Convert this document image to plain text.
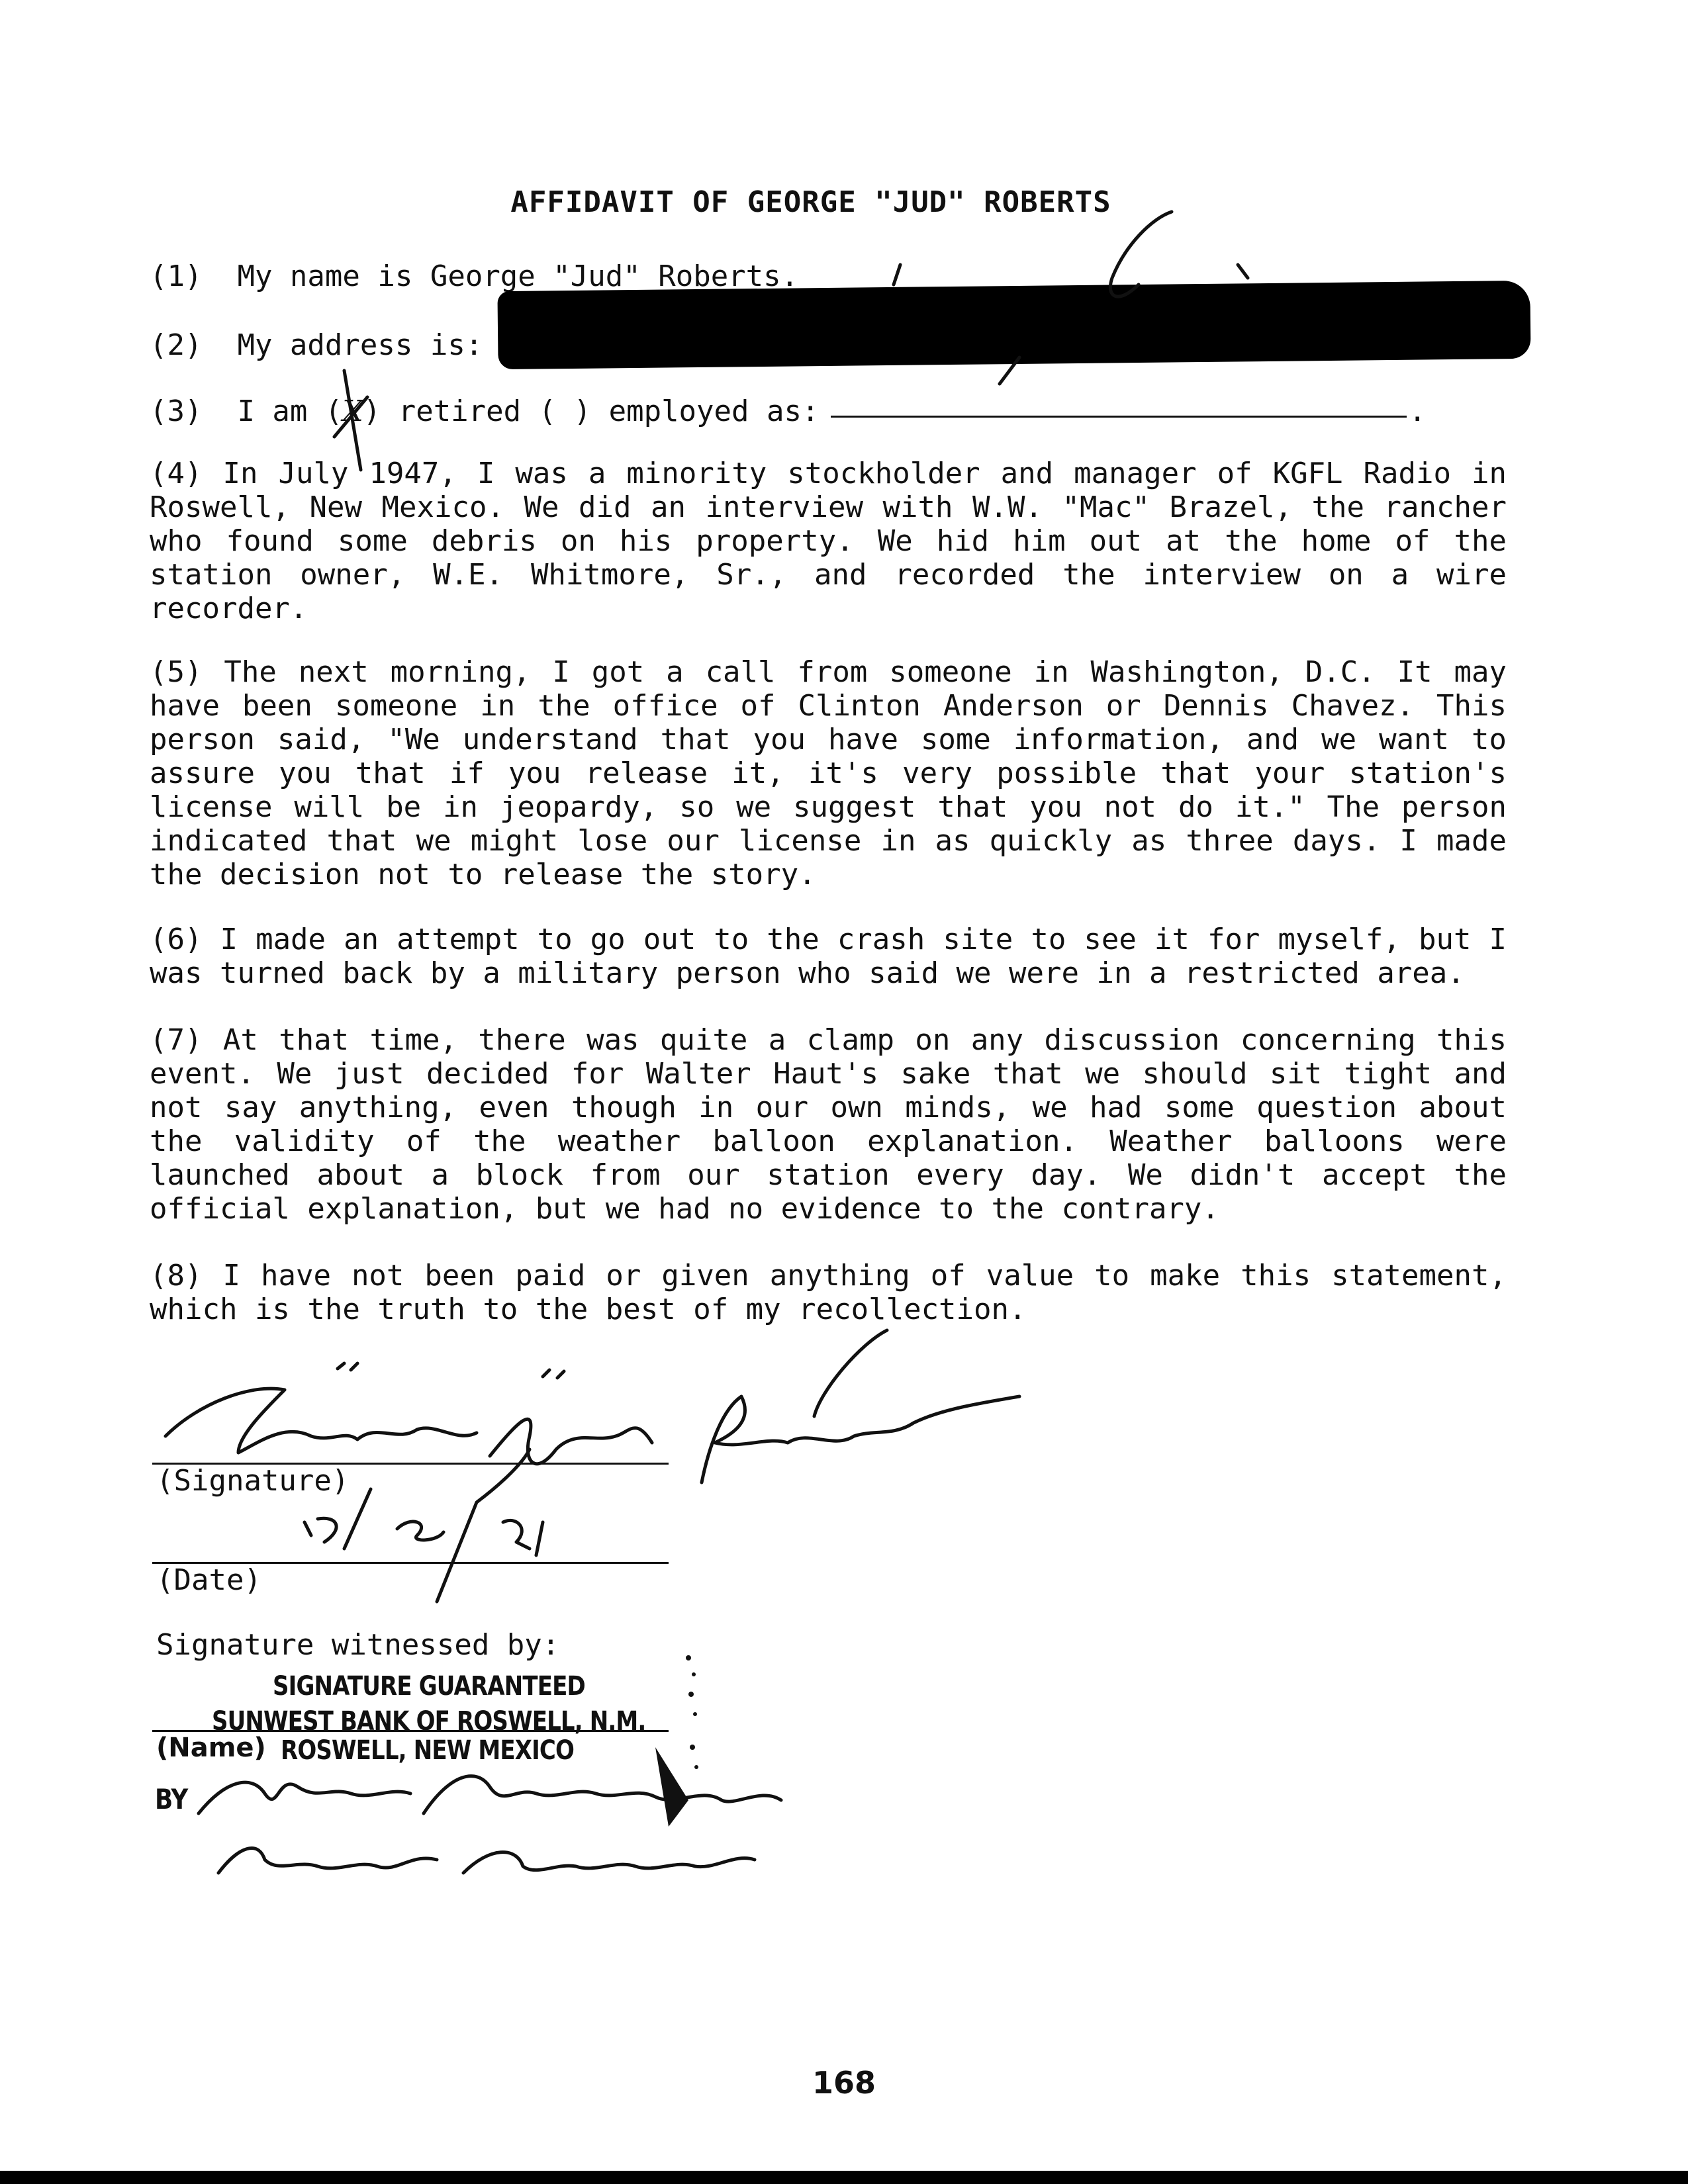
AFFIDAVIT OF GEORGE "JUD" ROBERTS
(1)  My name is George "Jud" Roberts.
(2)  My address is:
(3)  I am (X) retired ( ) employed as:	.
(4) In July 1947, I was a minority stockholder and manager of KGFL Radio in Roswell, New Mexico. We did an interview with W.W. "Mac" Brazel, the rancher who found some debris on his property. We hid him out at the home of the station owner, W.E. Whitmore, Sr., and recorded the interview on a wire recorder.
(5) The next morning, I got a call from someone in Washington, D.C. It may have been someone in the office of Clinton Anderson or Dennis Chavez. This person said, "We understand that you have some information, and we want to assure you that if you release it, it's very possible that your station's license will be in jeopardy, so we suggest that you not do it." The person indicated that we might lose our license in as quickly as three days. I made the decision not to release the story.
(6) I made an attempt to go out to the crash site to see it for myself, but I was turned back by a military person who said we were in a restricted area.
(7) At that time, there was quite a clamp on any discussion concerning this event. We just decided for Walter Haut's sake that we should sit tight and not say anything, even though in our own minds, we had some question about the validity of the weather balloon explanation. Weather balloons were launched about a block from our station every day. We didn't accept the official explanation, but we had no evidence to the contrary.
(8) I have not been paid or given anything of value to make this statement, which is the truth to the best of my recollection.
(Signature)
(Date)
Signature witnessed by:
SIGNATURE GUARANTEED
SUNWEST BANK OF ROSWELL, N.M.
(Name) ROSWELL, NEW MEXICO
BY
168
